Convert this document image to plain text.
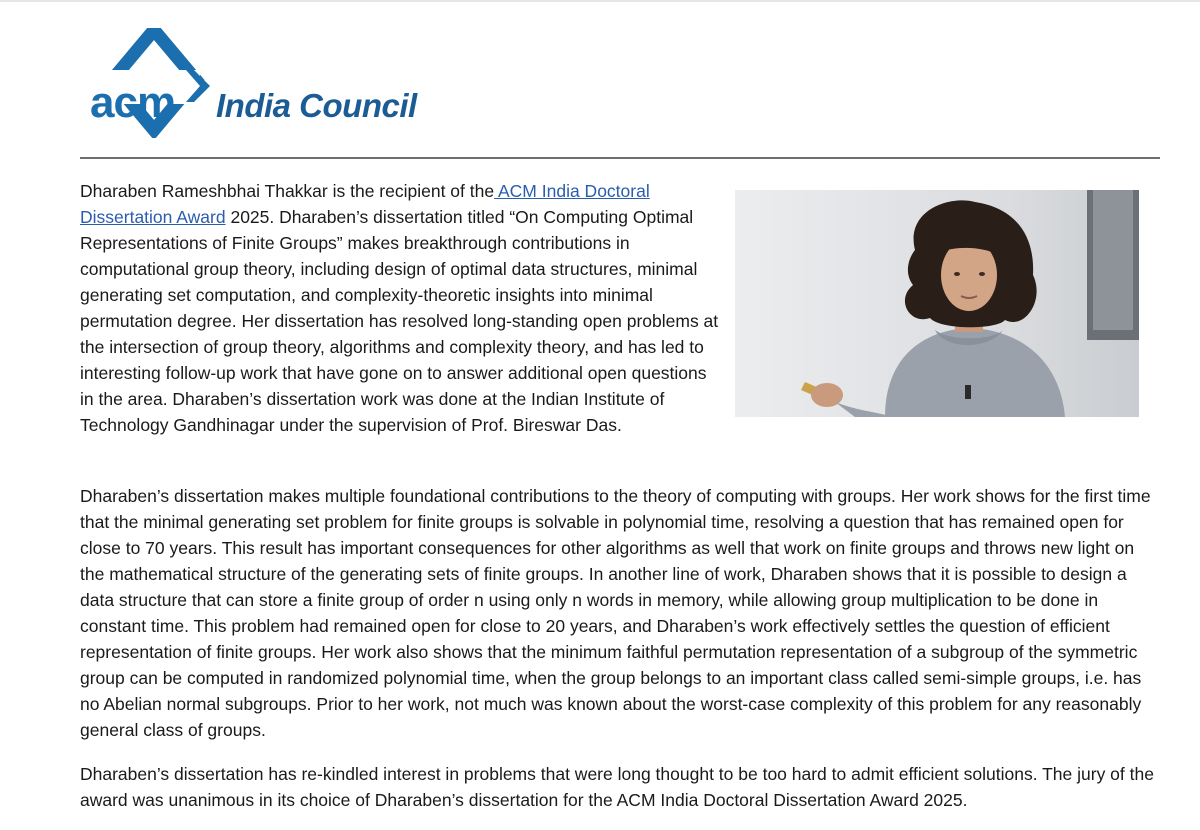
acm India Council

Dharaben Rameshbhai Thakkar is the recipient of the ACM India Doctoral Dissertation Award 2025. Dharaben’s dissertation titled “On Computing Optimal Representations of Finite Groups” makes breakthrough contributions in computational group theory, including design of optimal data structures, minimal generating set computation, and complexity-theoretic insights into minimal permutation degree. Her dissertation has resolved long-standing open problems at the intersection of group theory, algorithms and complexity theory, and has led to interesting follow-up work that have gone on to answer additional open questions in the area. Dharaben’s dissertation work was done at the Indian Institute of Technology Gandhinagar under the supervision of Prof. Bireswar Das.

Dharaben’s dissertation makes multiple foundational contributions to the theory of computing with groups. Her work shows for the first time that the minimal generating set problem for finite groups is solvable in polynomial time, resolving a question that has remained open for close to 70 years. This result has important consequences for other algorithms as well that work on finite groups and throws new light on the mathematical structure of the generating sets of finite groups. In another line of work, Dharaben shows that it is possible to design a data structure that can store a finite group of order n using only n words in memory, while allowing group multiplication to be done in constant time. This problem had remained open for close to 20 years, and Dharaben’s work effectively settles the question of efficient representation of finite groups. Her work also shows that the minimum faithful permutation representation of a subgroup of the symmetric group can be computed in randomized polynomial time, when the group belongs to an important class called semi-simple groups, i.e. has no Abelian normal subgroups. Prior to her work, not much was known about the worst-case complexity of this problem for any reasonably general class of groups.

Dharaben’s dissertation has re-kindled interest in problems that were long thought to be too hard to admit efficient solutions. The jury of the award was unanimous in its choice of Dharaben’s dissertation for the ACM India Doctoral Dissertation Award 2025.
